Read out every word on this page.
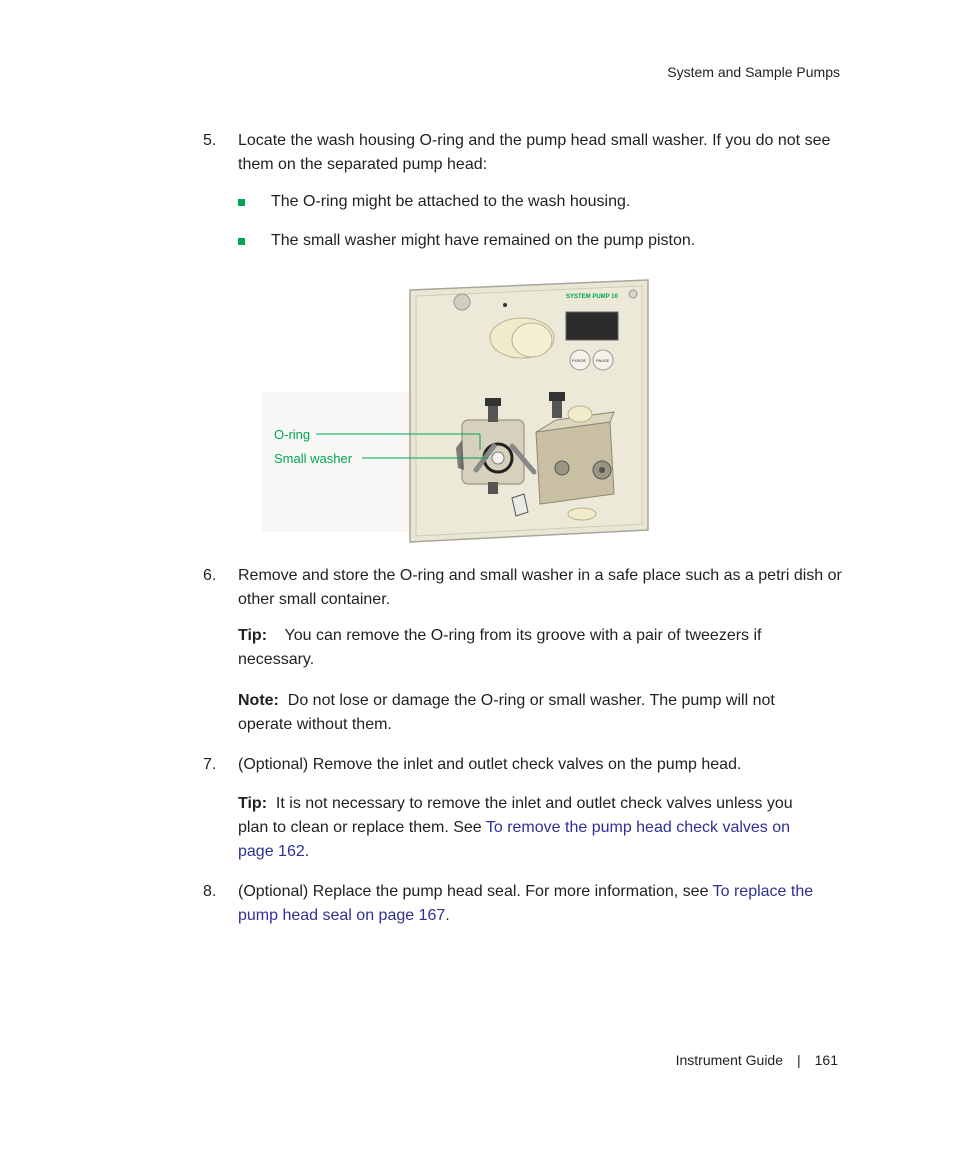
System and Sample Pumps
5. Locate the wash housing O-ring and the pump head small washer. If you do not see them on the separated pump head:
The O-ring might be attached to the wash housing.
The small washer might have remained on the pump piston.
SYSTEM PUMP 10
PURGE PAUSE
O-ring
Small washer
6. Remove and store the O-ring and small washer in a safe place such as a petri dish or other small container.
Tip: You can remove the O-ring from its groove with a pair of tweezers if necessary.
Note: Do not lose or damage the O-ring or small washer. The pump will not operate without them.
7. (Optional) Remove the inlet and outlet check valves on the pump head.
Tip: It is not necessary to remove the inlet and outlet check valves unless you plan to clean or replace them. See To remove the pump head check valves on page 162.
8. (Optional) Replace the pump head seal. For more information, see To replace the pump head seal on page 167.
Instrument Guide | 161
